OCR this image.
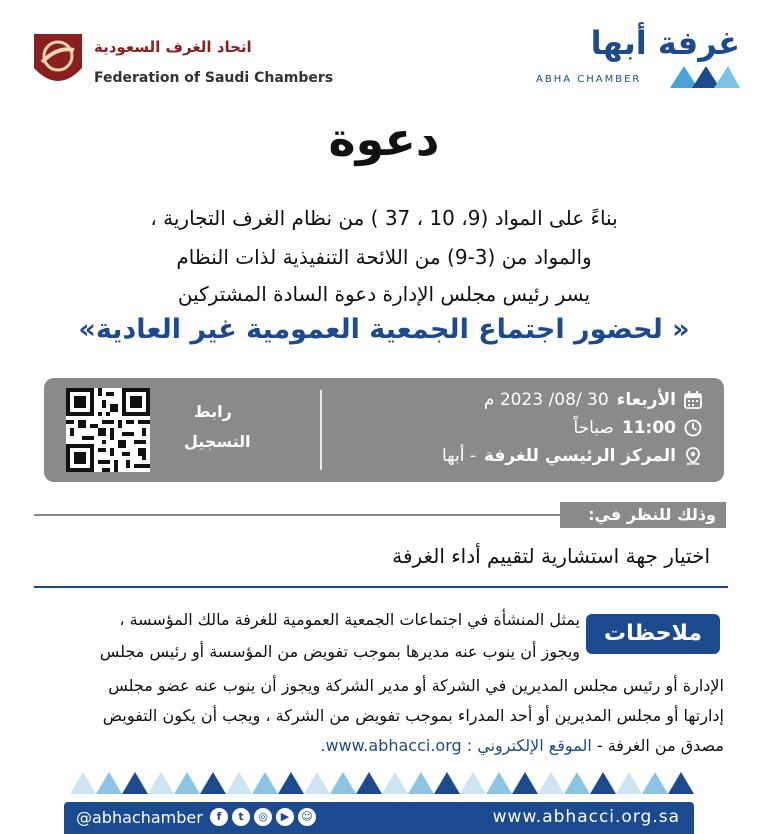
اتحاد الغرف السعودية
Federation of Saudi Chambers
غرفة أبها
ABHA CHAMBER
دعوة
بناءً على المواد (9، 10 ، 37 ) من نظام الغرف التجارية ،
والمواد من (3-9) من اللائحة التنفيذية لذات النظام
يسر رئيس مجلس الإدارة دعوة السادة المشتركين
« لحضور اجتماع الجمعية العمومية غير العادية»
رابط
التسجيل
الأربعاء
30 /08/ 2023 م
11:00
صباحاً
المركز الرئيسي للغرفة
- أبها
وذلك للنظر في:
اختيار جهة استشارية لتقييم أداء الغرفة
ملاحظات
يمثل المنشأة في اجتماعات الجمعية العمومية للغرفة مالك المؤسسة ،
ويجوز أن ينوب عنه مديرها بموجب تفويض من المؤسسة أو رئيس مجلس
الإدارة أو رئيس مجلس المديرين في الشركة أو مدير الشركة ويجوز أن ينوب عنه عضو مجلس
إدارتها أو مجلس المديرين أو أحد المدراء بموجب تفويض من الشركة ، ويجب أن يكون التفويض
مصدق من الغرفة - الموقع الإلكتروني : www.abhacci.org.
@abhachamber	f	t	◎	▶	☺	www.abhacci.org.sa
